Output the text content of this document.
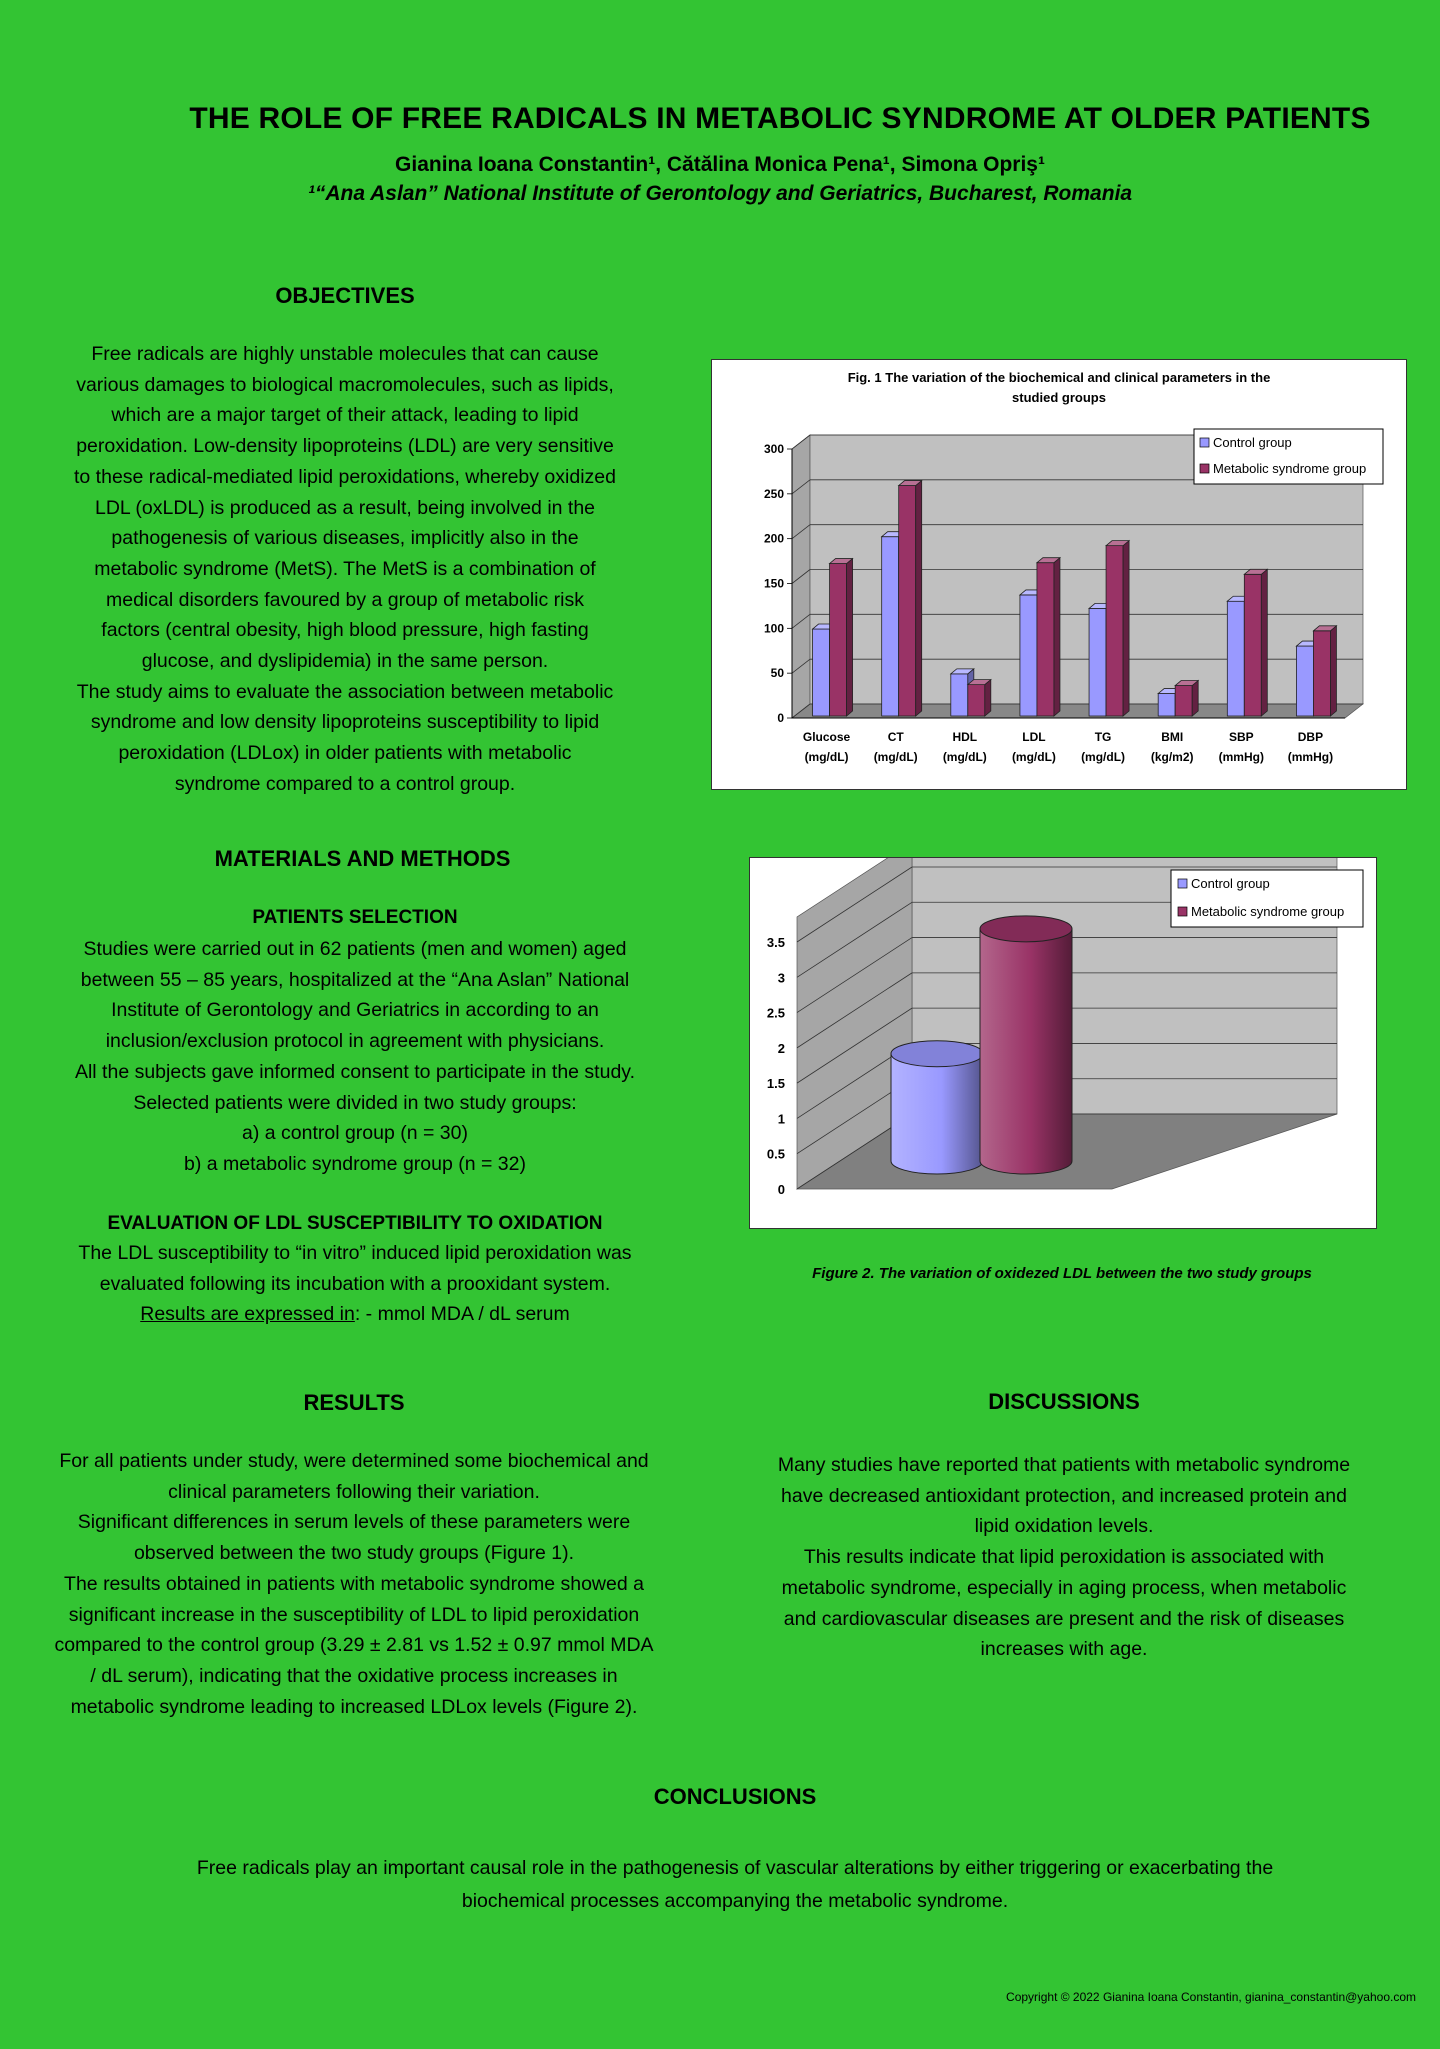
THE ROLE OF FREE RADICALS IN METABOLIC SYNDROME AT OLDER PATIENTS
Gianina Ioana Constantin¹, Cătălina Monica Pena¹, Simona Opriş¹
¹“Ana Aslan” National Institute of Gerontology and Geriatrics, Bucharest, Romania
OBJECTIVES
Free radicals are highly unstable molecules that can cause
various damages to biological macromolecules, such as lipids,
which are a major target of their attack, leading to lipid
peroxidation. Low-density lipoproteins (LDL) are very sensitive
to these radical-mediated lipid peroxidations, whereby oxidized
LDL (oxLDL) is produced as a result, being involved in the
pathogenesis of various diseases, implicitly also in the
metabolic syndrome (MetS). The MetS is a combination of
medical disorders favoured by a group of metabolic risk
factors (central obesity, high blood pressure, high fasting
glucose, and dyslipidemia) in the same person.
The study aims to evaluate the association between metabolic
syndrome and low density lipoproteins susceptibility to lipid
peroxidation (LDLox) in older patients with metabolic
syndrome compared to a control group.
MATERIALS AND METHODS
PATIENTS SELECTION
Studies were carried out in 62 patients (men and women) aged
between 55 – 85 years, hospitalized at the “Ana Aslan” National
Institute of Gerontology and Geriatrics in according to an
inclusion/exclusion protocol in agreement with physicians.
All the subjects gave informed consent to participate in the study.
Selected patients were divided in two study groups:
a) a control group (n = 30)
b) a metabolic syndrome group (n = 32)
EVALUATION OF LDL SUSCEPTIBILITY TO OXIDATION
The LDL susceptibility to “in vitro” induced lipid peroxidation was
evaluated following its incubation with a prooxidant system.
Results are expressed in: - mmol MDA / dL serum
RESULTS
For all patients under study, were determined some biochemical and
clinical parameters following their variation.
Significant differences in serum levels of these parameters were
observed between the two study groups (Figure 1).
The results obtained in patients with metabolic syndrome showed a
significant increase in the susceptibility of LDL to lipid peroxidation
compared to the control group (3.29 ± 2.81 vs 1.52 ± 0.97 mmol MDA
/ dL serum), indicating that the oxidative process increases in
metabolic syndrome leading to increased LDLox levels (Figure 2).
DISCUSSIONS
Many studies have reported that patients with metabolic syndrome
have decreased antioxidant protection, and increased protein and
lipid oxidation levels.
This results indicate that lipid peroxidation is associated with
metabolic syndrome, especially in aging process, when metabolic
and cardiovascular diseases are present and the risk of diseases
increases with age.
CONCLUSIONS
Free radicals play an important causal role in the pathogenesis of vascular alterations by either triggering or exacerbating the
biochemical processes accompanying the metabolic syndrome.
Copyright © 2022 Gianina Ioana Constantin, gianina_constantin@yahoo.com
Fig. 1 The variation of the biochemical and clinical parameters in the studied groups
0
50
100
150
200
250
300
Glucose (mg/dL)
CT (mg/dL)
HDL (mg/dL)
LDL (mg/dL)
TG (mg/dL)
BMI (kg/m2)
SBP (mmHg)
DBP (mmHg)
Control group
Metabolic syndrome group
0
0.5
1
1.5
2
2.5
3
3.5
Control group
Metabolic syndrome group
Figure 2. The variation of oxidezed LDL between the two study groups
